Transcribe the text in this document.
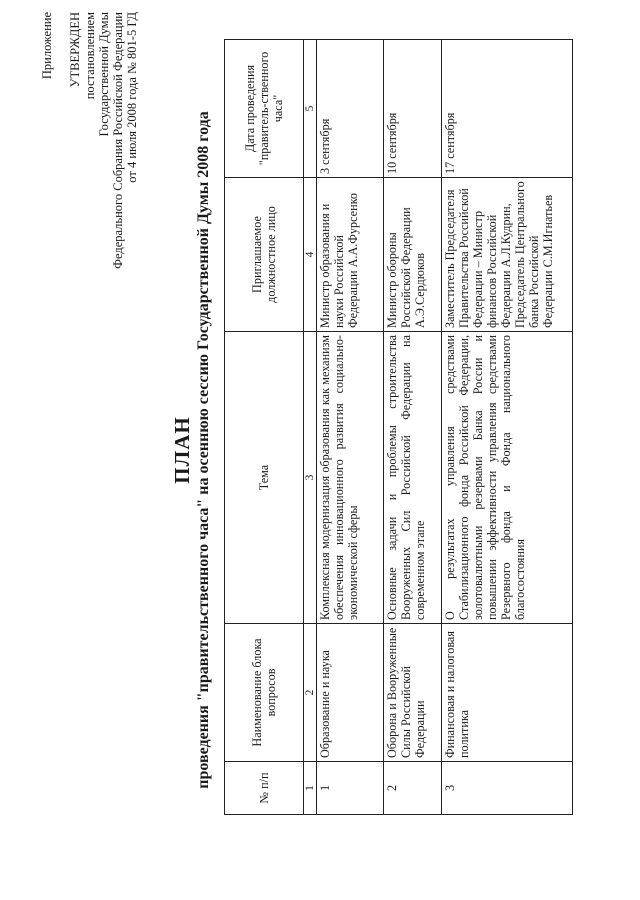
Приложение УТВЕРЖДЕН постановлением Государственной Думы Федерального Собрания Российской Федерации от 4 июля 2008 года № 801-5 ГД
ПЛАН проведения "правительственного часа" на осеннюю сессию Государственной Думы 2008 года	№ п/п	Наименование блока вопросов	Тема	Приглашаемое должностное лицо	Дата проведения "правитель-ственного часа"
1	2	3	4	5
1	Образование и наука	Комплексная модернизация образования как механизм обеспечения инновационного развития социально-экономической сферы	Министр образования и науки Российской Федерации А.А.Фурсенко	3 сентября
2	Оборона и Вооруженные Силы Российской Федерации	Основные задачи и проблемы строительства Вооруженных Сил Российской Федерации на современном этапе	Министр обороны Российской Федерации А.Э.Сердюков	10 сентября
3	Финансовая и налоговая политика	О результатах управления средствами Стабилизационного фонда Российской Федерации, золотовалютными резервами Банка России и повышении эффективности управления средствами Резервного фонда и Фонда национального благосостояния	Заместитель Председателя Правительства Российской Федерации – Министр финансов Российской Федерации А.Л.Кудрин, Председатель Центрального банка Российской Федерации С.М.Игнатьев	17 сентября
